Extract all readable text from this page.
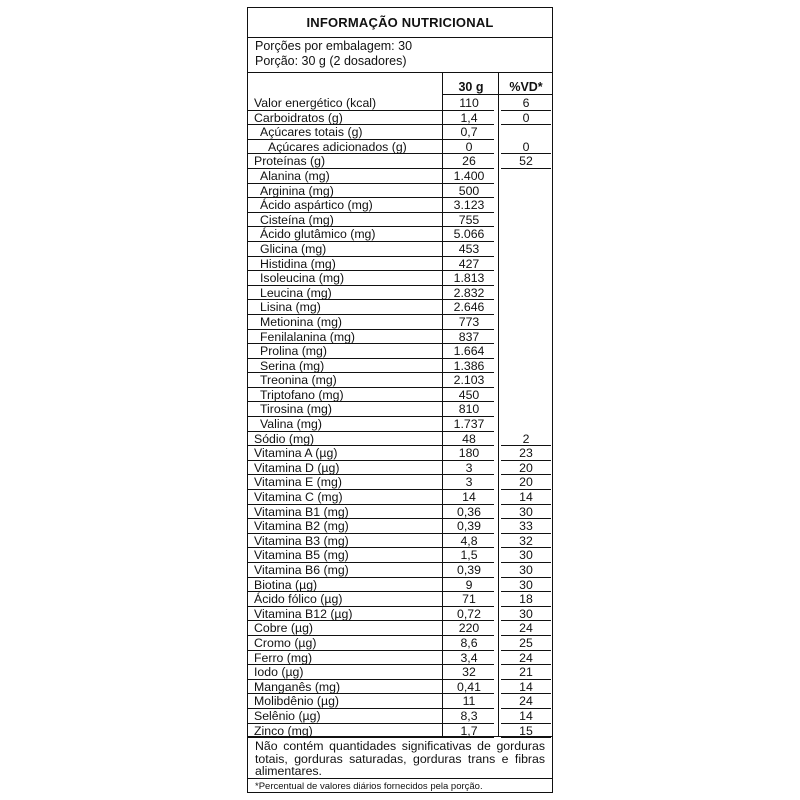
INFORMAÇÃO NUTRICIONAL
Porções por embalagem: 30
Porção: 30 g (2 dosadores)
30 g	%VD*
Valor energético (kcal)	110	6
Carboidratos (g)	1,4	0
Açúcares totais (g)	0,7
Açúcares adicionados (g)	0	0
Proteínas (g)	26	52
Alanina (mg)	1.400
Arginina (mg)	500
Ácido aspártico (mg)	3.123
Cisteína (mg)	755
Ácido glutâmico (mg)	5.066
Glicina (mg)	453
Histidina (mg)	427
Isoleucina (mg)	1.813
Leucina (mg)	2.832
Lisina (mg)	2.646
Metionina (mg)	773
Fenilalanina (mg)	837
Prolina (mg)	1.664
Serina (mg)	1.386
Treonina (mg)	2.103
Triptofano (mg)	450
Tirosina (mg)	810
Valina (mg)	1.737
Sódio (mg)	48	2
Vitamina A (µg)	180	23
Vitamina D (µg)	3	20
Vitamina E (mg)	3	20
Vitamina C (mg)	14	14
Vitamina B1 (mg)	0,36	30
Vitamina B2 (mg)	0,39	33
Vitamina B3 (mg)	4,8	32
Vitamina B5 (mg)	1,5	30
Vitamina B6 (mg)	0,39	30
Biotina (µg)	9	30
Ácido fólico (µg)	71	18
Vitamina B12 (µg)	0,72	30
Cobre (µg)	220	24
Cromo (µg)	8,6	25
Ferro (mg)	3,4	24
Iodo (µg)	32	21
Manganês (mg)	0,41	14
Molibdênio (µg)	11	24
Selênio (µg)	8,3	14
Zinco (mg)	1,7	15
Não contém quantidades significativas de gorduras totais, gorduras saturadas, gorduras trans e fibras alimentares.
*Percentual de valores diários fornecidos pela porção.
